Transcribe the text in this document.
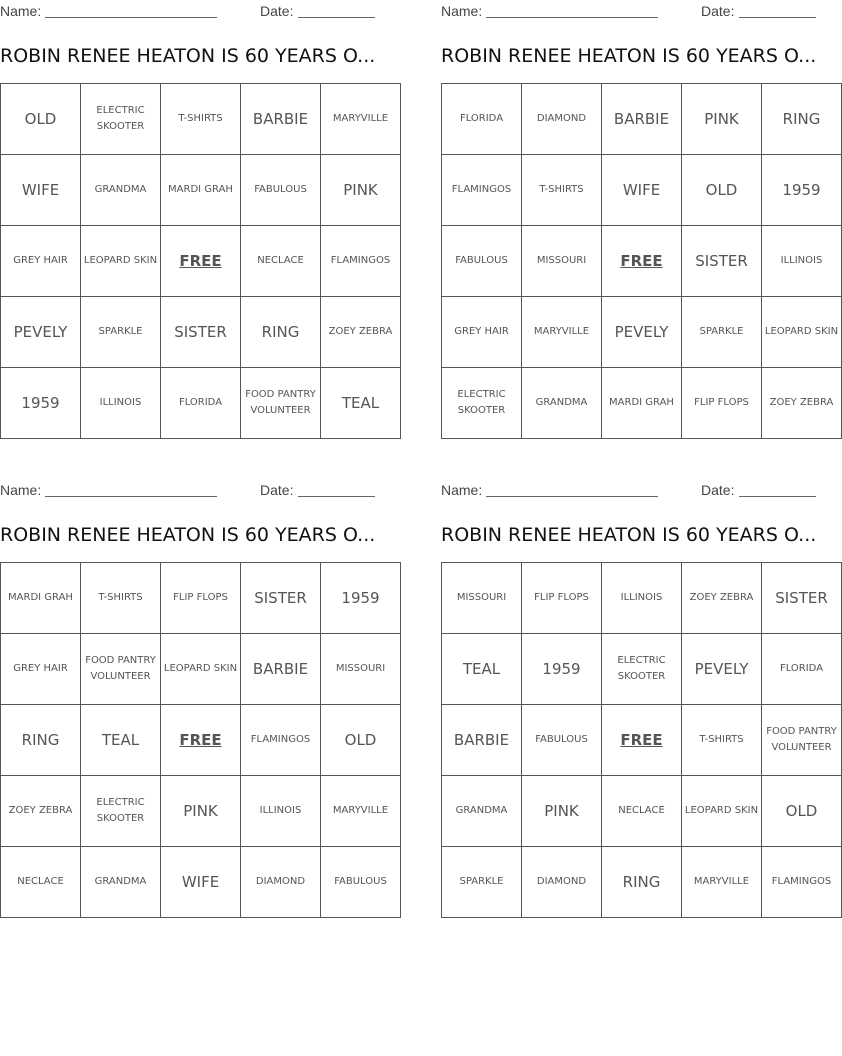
Name:	Date:
ROBIN RENEE HEATON IS 60 YEARS O...
OLD	ELECTRIC SKOOTER	T-SHIRTS	BARBIE	MARYVILLE
WIFE	GRANDMA	MARDI GRAH	FABULOUS	PINK
GREY HAIR	LEOPARD SKIN	FREE	NECLACE	FLAMINGOS
PEVELY	SPARKLE	SISTER	RING	ZOEY ZEBRA
1959	ILLINOIS	FLORIDA	FOOD PANTRY VOLUNTEER	TEAL
Name:	Date:
ROBIN RENEE HEATON IS 60 YEARS O...
FLORIDA	DIAMOND	BARBIE	PINK	RING
FLAMINGOS	T-SHIRTS	WIFE	OLD	1959
FABULOUS	MISSOURI	FREE	SISTER	ILLINOIS
GREY HAIR	MARYVILLE	PEVELY	SPARKLE	LEOPARD SKIN
ELECTRIC SKOOTER	GRANDMA	MARDI GRAH	FLIP FLOPS	ZOEY ZEBRA
Name:	Date:
ROBIN RENEE HEATON IS 60 YEARS O...
MARDI GRAH	T-SHIRTS	FLIP FLOPS	SISTER	1959
GREY HAIR	FOOD PANTRY VOLUNTEER	LEOPARD SKIN	BARBIE	MISSOURI
RING	TEAL	FREE	FLAMINGOS	OLD
ZOEY ZEBRA	ELECTRIC SKOOTER	PINK	ILLINOIS	MARYVILLE
NECLACE	GRANDMA	WIFE	DIAMOND	FABULOUS
Name:	Date:
ROBIN RENEE HEATON IS 60 YEARS O...
MISSOURI	FLIP FLOPS	ILLINOIS	ZOEY ZEBRA	SISTER
TEAL	1959	ELECTRIC SKOOTER	PEVELY	FLORIDA
BARBIE	FABULOUS	FREE	T-SHIRTS	FOOD PANTRY VOLUNTEER
GRANDMA	PINK	NECLACE	LEOPARD SKIN	OLD
SPARKLE	DIAMOND	RING	MARYVILLE	FLAMINGOS
